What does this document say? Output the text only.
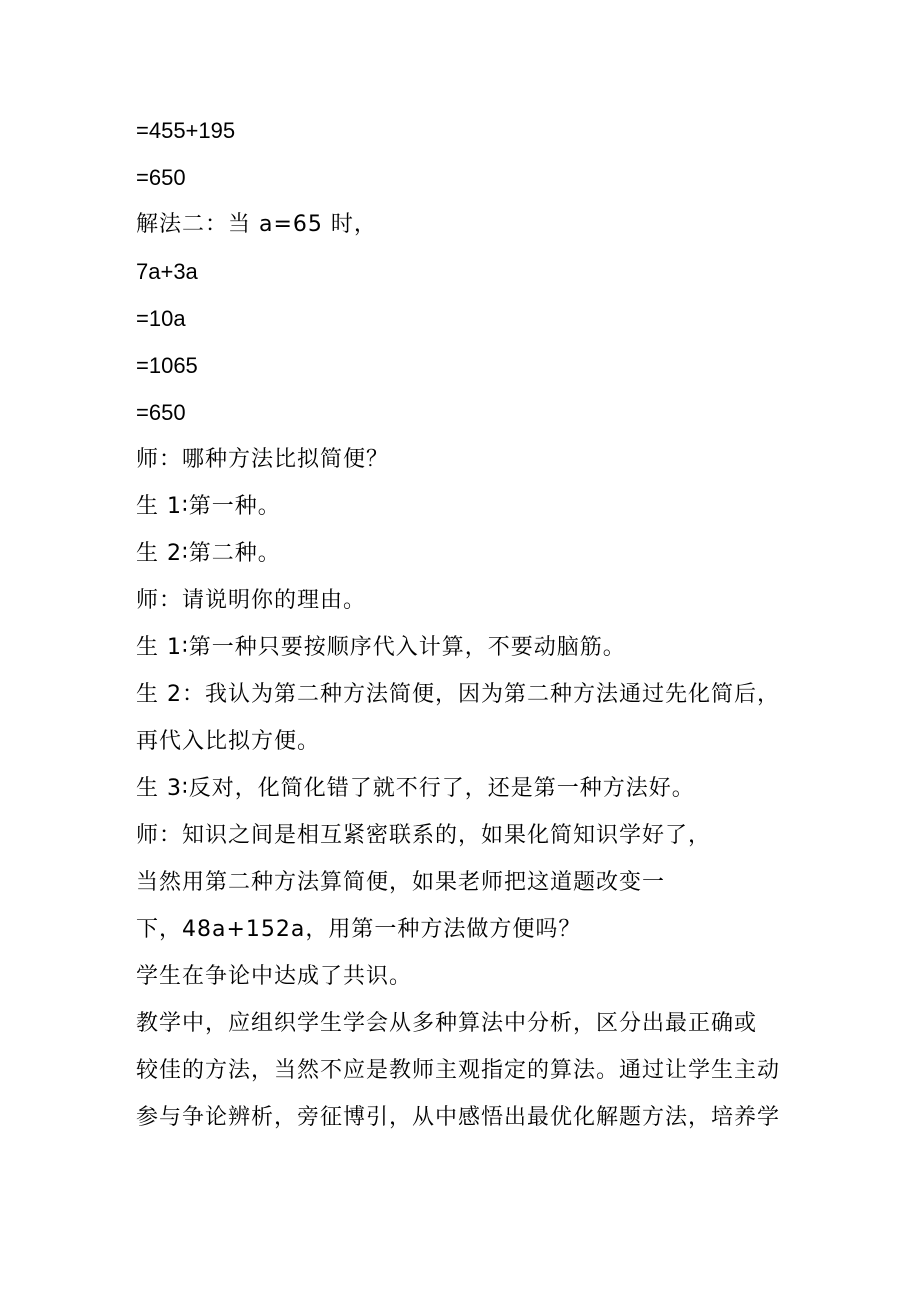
=455+195
=650
解法二：当 a=65 时，
7a+3a
=10a
=1065
=650
师：哪种方法比拟简便？
生 1∶第一种。
生 2∶第二种。
师：请说明你的理由。
生 1∶第一种只要按顺序代入计算，不要动脑筋。
生 2：我认为第二种方法简便，因为第二种方法通过先化简后，
再代入比拟方便。
生 3∶反对，化简化错了就不行了，还是第一种方法好。
师：知识之间是相互紧密联系的，如果化简知识学好了，
当然用第二种方法算简便，如果老师把这道题改变一
下，48a+152a，用第一种方法做方便吗？
学生在争论中达成了共识。
教学中，应组织学生学会从多种算法中分析，区分出最正确或
较佳的方法，当然不应是教师主观指定的算法。通过让学生主动
参与争论辨析，旁征博引，从中感悟出最优化解题方法，培养学
